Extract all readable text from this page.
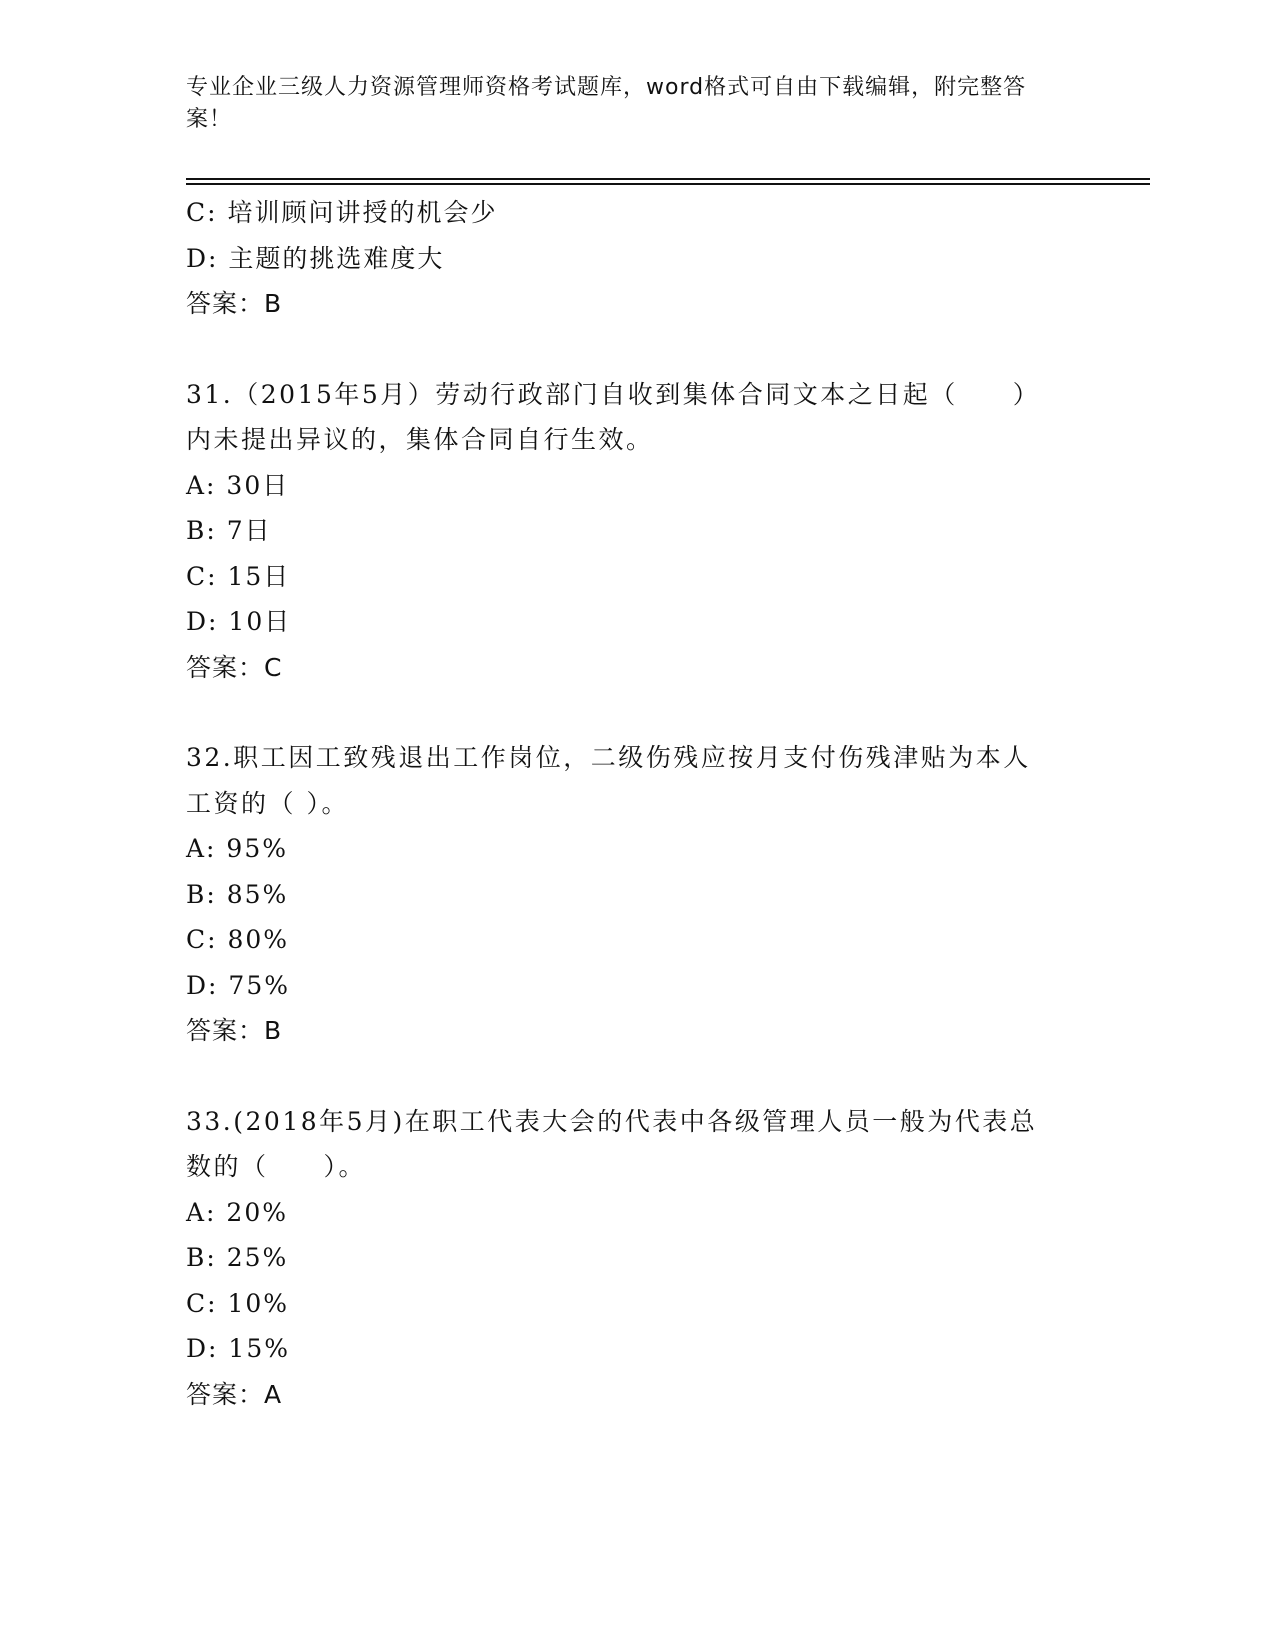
专业企业三级人力资源管理师资格考试题库，word格式可自由下载编辑，附完整答案！
C: 培训顾问讲授的机会少
D: 主题的挑选难度大
答案：B
31.（2015年5月）劳动行政部门自收到集体合同文本之日起（　　）
内未提出异议的，集体合同自行生效。
A: 30日
B: 7日
C: 15日
D: 10日
答案：C
32.职工因工致残退出工作岗位，二级伤残应按月支付伤残津贴为本人
工资的（ ）。
A: 95%
B: 85%
C: 80%
D: 75%
答案：B
33.(2018年5月)在职工代表大会的代表中各级管理人员一般为代表总
数的（　　）。
A: 20%
B: 25%
C: 10%
D: 15%
答案：A
